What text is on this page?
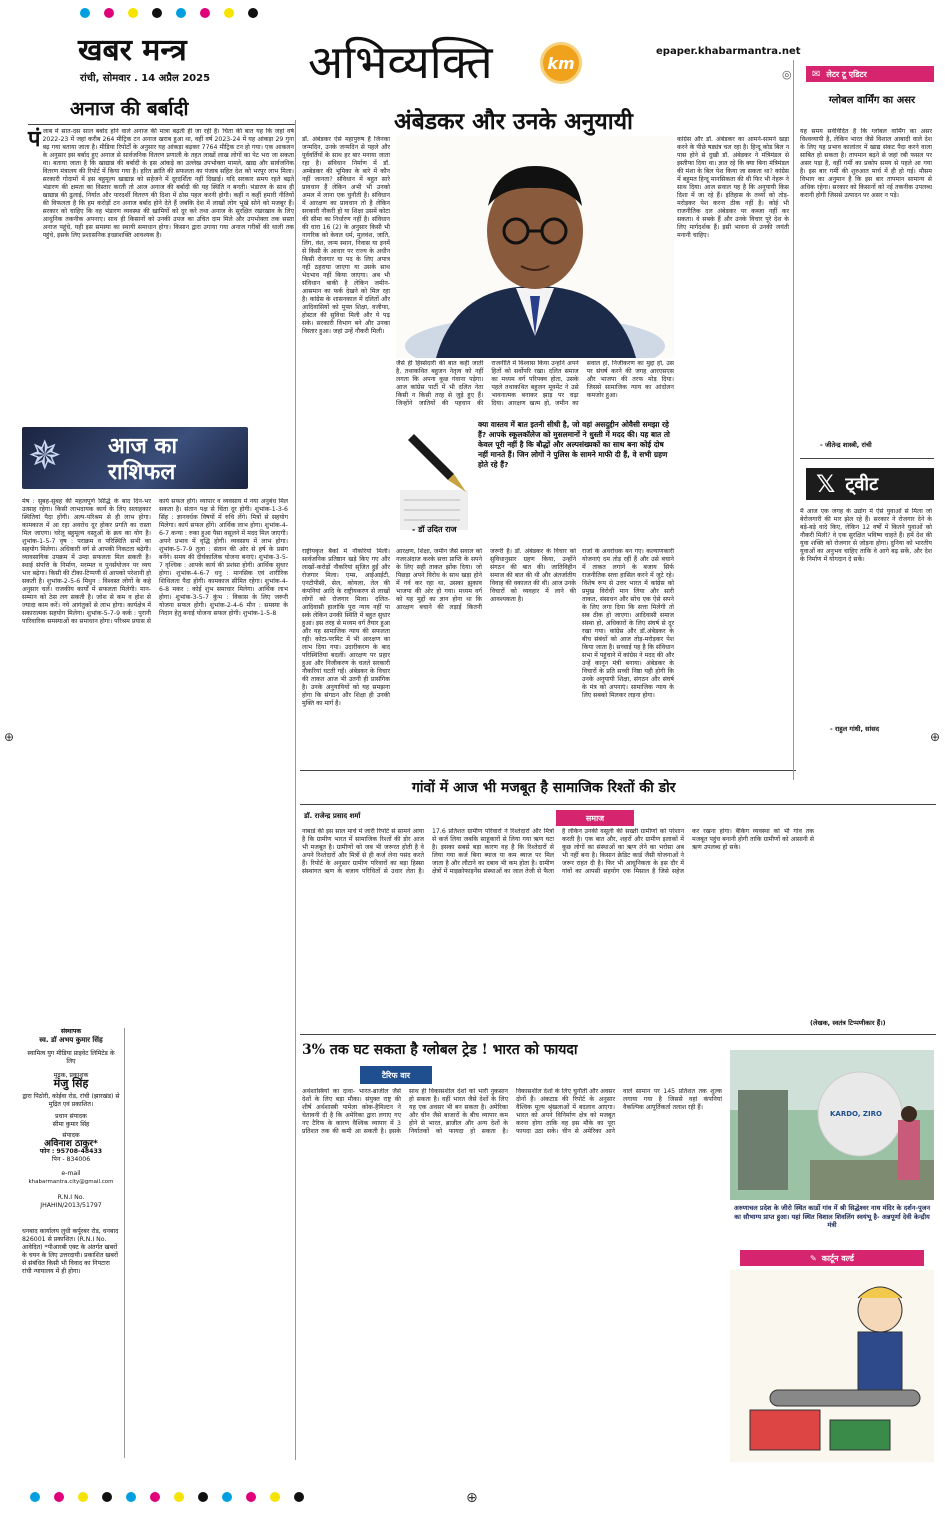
खबर मन्त्र
रांची, सोमवार . 14 अप्रैल 2025 अभिव्यक्ति	km
epaper.khabarmantra.net
◎
अनाज की बर्बादी
पं जाब में सात-दस साल बर्बाद होने वाले अनाज की मात्रा बढ़ती ही जा रही है। चिंता की बात यह कि जहां वर्ष 2022-23 में जहां करीब 264 मीट्रिक टन अनाज खराब हुआ था, वहीं वर्ष 2023-24 में यह आंकड़ा 29 गुना बढ़ गया बताया जाता है। मीडिया रिपोर्टों के अनुसार यह आंकड़ा बढ़कर 7764 मीट्रिक टन हो गया। एक आकलन के अनुसार इस बर्बाद हुए अनाज से सार्वजनिक वितरण प्रणाली के तहत लाखों लाख लोगों का पेट भरा जा सकता था। बताया जाता है कि खाद्यान्न की बर्बादी के इस आंकड़े का उल्लेख उपभोक्ता मामले, खाद्य और सार्वजनिक वितरण मंत्रालय की रिपोर्ट में किया गया है। हरित क्रांति की सफलता का पंजाब सहित देश को भरपूर लाभ मिला। सरकारी गोदामों में इस बहुमूल्य खाद्यान्न को सहेजने में दूरदर्शिता नहीं दिखाई। यदि सरकार समय रहते बढ़ते भंडारण की क्षमता का विस्तार करती तो आज अनाज की बर्बादी की यह स्थिति न बनती। भंडारण के साथ ही खाद्यान्न की ढुलाई, निर्यात और पारदर्शी वितरण की दिशा में ठोस पहल करनी होगी। कहीं न कहीं हमारी नीतियों की विफलता है कि हम करोड़ों टन अनाज बर्बाद होने देते हैं जबकि देश में लाखों लोग भूखे सोने को मजबूर हैं। सरकार को चाहिए कि वह भंडारण व्यवस्था की खामियों को दूर करे तथा अनाज के सुरक्षित रखरखाव के लिए आधुनिक तकनीक अपनाए। साथ ही किसानों को उनकी उपज का उचित दाम मिले और उपभोक्ता तक सस्ता अनाज पहुंचे, यही इस समस्या का स्थायी समाधान होगा। किसान द्वारा उगाया गया अनाज गरीबों की थाली तक पहुंचे, इसके लिए प्रशासनिक इच्छाशक्ति आवश्यक है।
✵ आज का राशिफल
मेष : सुबह-सुबह की महत्वपूर्ण सिद्धि के बाद दिन-भर उत्साह रहेगा। किसी लाभदायक कार्य के लिए सलाहकार स्थितियां पैदा होंगी। अल्प-परिश्रम से ही लाभ होगा। कामकाज में आ रहा अवरोध दूर होकर प्रगति का रास्ता मिल जाएगा। घरेलू बहुमूल्य वस्तुओं के क्रय का योग है। शुभांक-1-5-7 वृष : पराक्रम व परिस्थिति सभी का सहयोग मिलेगा। अधिकारी वर्ग से आपकी निकटता बढ़ेगी। व्यावसायिक उपक्रम में उम्दा सफलता मिल सकती है। स्थाई संपत्ति के निर्माण, मरम्मत व पुनर्संयोजन पर व्यय भार बढ़ेगा। किसी की टीका-टिप्पणी से आपको परेशानी हो सकती है। शुभांक-2-5-6 मिथुन : विश्वस्त लोगों के कहे अनुसार चलें। राजकीय कार्यों में सफलता मिलेगी। मान-सम्मान को ठेस लग सकती है। जोश से कम व होश से ज्यादा काम करें। नये आगंतुकों से लाभ होगा। कार्यक्षेत्र में सकारात्मक सहयोग मिलेगा। शुभांक-5-7-9 कर्क : पुरानी पारिवारिक समस्याओं का समाधान होगा। परिश्रम प्रयास से कार्य सफल होंगे। व्यापार व व्यवसाय में नया अनुबंध मिल सकता है। संतान पक्ष से चिंता दूर होगी। शुभांक-1-3-6 सिंह : ज्ञानवर्धक विषयों में रुचि लेंगे। मित्रों से सहयोग मिलेगा। कार्य सफल होंगे। आर्थिक लाभ होगा। शुभांक-4-6-7 कन्या : रुका हुआ पैसा वसूलने में मदद मिल जाएगी। अपने प्रभाव में वृद्धि होगी। व्यवसाय में लाभ होगा। शुभांक-5-7-9 तुला : संतान की ओर से हर्ष के प्रसंग बनेंगे। समय की दीर्घकालिक योजना बनाएं। शुभांक-3-5-7 वृश्चिक : आपके कार्य की प्रशंसा होगी। आर्थिक सुधार होगा। शुभांक-4-6-7 धनु : मानसिक एवं शारीरिक शिथिलता पैदा होगी। कामकाज सीमित रहेगा। शुभांक-4-6-8 मकर : कोई शुभ समाचार मिलेगा। आर्थिक लाभ होगा। शुभांक-3-5-7 कुंभ : विकास के लिए जरूरी योजना सफल होगी। शुभांक-2-4-6 मीन : समस्या के निदान हेतु बनाई योजना सफल होगी। शुभांक-1-5-8
संस्थापक
स्व. डॉ अभय कुमार सिंह
स्वामित्व युग मीडिया प्राइवेट लिमिटेड के लिए
मुद्रक, प्रकाशक
मंजु सिंह
द्वारा पिठोरी, कोईवा रोड, रांची (झारखंड) से मुद्रित एवं प्रकाशित।
प्रधान संपादक
सीमा कुमार सिंह
संपादक
अविनाश ठाकुर*
फोन : 95708-48433
पिन - 834006
e-mail
khabarmantra.city@gmail.com
R.N.I No.
JHAHIN/2013/51797
धनबाद कार्यालय लुधी कर्पूरबर रोड, धनबाद 826001 से प्रकाशित। (R.N.I No. आवेदित) *पीआरबी एक्ट के अंतर्गत खबरों के चयन के लिए उत्तरदायी। प्रकाशित खबरों से संबंधित किसी भी विवाद का निपटारा रांची न्यायालय में ही होगा।
अंबेडकर और उनके अनुयायी
डॉ. अंबेडकर ऐसे महापुरुष हैं जिनका जन्मदिन, उनके जन्मदिन से पहले और पूर्ववर्तियों के साथ हर बार मनाया जाता रहा है। संविधान निर्माण में डॉ. अम्बेडकर की भूमिका के बारे में कौन नहीं जानता? संविधान में बहुत सारे प्रावधान हैं लेकिन अभी भी उनको अमल में लाना एक चुनौती है। संविधान में आरक्षण का प्रावधान तो है लेकिन सरकारी नौकरी हो या शिक्षा उसमें कोटा की सीमा का निर्धारण नहीं है। संविधान की धारा 16 (2) के अनुसार किसी भी नागरिक को केवल धर्म, मूलवंश, जाति, लिंग, वंश, जन्म स्थान, निवास या इनमें से किसी के आधार पर राज्य के अधीन किसी रोजगार या पद के लिए अपात्र नहीं ठहराया जाएगा या उसके साथ भेदभाव नहीं किया जाएगा। अब भी संविधान बाकी है लेकिन जमीन-आसमान का फर्क देखने को मिल रहा है। कांग्रेस के शासनकाल में दलितों और आदिवासियों को मुफ्त शिक्षा, वजीफा, होस्टल की सुविधा मिली और ये पढ़ सके। सरकारी विभाग बने और उनका विस्तार हुआ। जहां उन्हें नौकरी मिली।
कांग्रेस और डॉ. अंबेडकर का आमने-सामने खड़ा करने के पीछे षड्यंत्र चल रहा है। हिन्दू कोड बिल न पास होने से दुखी डॉ. अंबेडकर ने मंत्रिमंडल से इस्तीफा दिया था। ज्ञात रहे कि क्या बिना मंत्रिमंडल की मंशा के बिल पेश किया जा सकता था? कांग्रेस में बहुमत हिन्दू मानसिकता की थी फिर भी नेहरू ने साथ दिया। आज सवाल यह है कि अनुयायी किस दिशा में जा रहे हैं। इतिहास के तथ्यों को तोड़-मरोड़कर पेश करना ठीक नहीं है। कोई भी राजनीतिक दल अंबेडकर पर कब्जा नहीं कर सकता। वे सबके हैं और उनके विचार पूरे देश के लिए मार्गदर्शक हैं। इसी भावना से उनकी जयंती मनानी चाहिए।
जैसे ही हिस्सेदारी की बात कही जाती है, तथाकथित बहुजन नेतृत्व को नहीं लगता कि अपना कुछ गंवाना पड़ेगा। आज कांग्रेस पार्टी में भी दलित नेता किसी न किसी तरह से जुड़े हुए हैं। जिन्होंने जातियों की पहचान की राजनीति में विश्वास किया उन्होंने अपने हितों को सर्वोपरि रखा। दलित समाज का मध्यम वर्ग परिपक्व होता, उसके पहले तथाकथित बहुजन मूवमेंट ने उसे भावनात्मक बनाकर झाड़ पर चढ़ा दिया। आरक्षण खत्म हो, जमीन का सवाल हो, निजीकरण का मुद्दा हो, उस पर संघर्ष करने की जगह आरएसएस और भाजपा की तरफ मोड़ दिया। जिससे सामाजिक न्याय का आंदोलन कमजोर हुआ।
- डॉ उदित राज
क्या वास्तव में बात इतनी सीधी है, जो वहां असदुद्दीन ओवैसी समझा रहे हैं? आपके स्कूलकॉलेज को मुसलमानों ने धुस्ती में मदद की। यह बात तो केवल पूरी नहीं है कि बौद्धों और अल्पसंख्यकों का साथ बना कोई दोष नहीं मानते हैं। जिन लोगों ने पुलिस के सामने माफी दी हैं, वे सभी ग्रहण होते रहे हैं?
राष्ट्रीयकृत बैंकों में नौकरियां मिलीं। सार्वजनिक प्रतिष्ठान खड़े किए गए और लाखों-करोड़ों नौकरियां सृजित हुईं और रोजगार मिला। एम्स, आईआईटी, एनटीपीसी, सेल, कोयला, तेल की कंपनियां आदि के राष्ट्रीयकरण से लाखों लोगों को रोजगार मिला। दलित-आदिवासी हालांकि पूरा न्याय नहीं पा सके लेकिन उनकी स्थिति में बहुत सुधार हुआ। इस तरह से मध्यम वर्ग तैयार हुआ और यह सामाजिक न्याय की सफलता रही। कोटा-परमिट में भी आरक्षण का लाभ दिया गया। उदारीकरण के बाद परिस्थितियां बदलीं। आरक्षण पर प्रहार हुआ और निजीकरण के चलते सरकारी नौकरियां घटती गईं। अंबेडकर के विचार की ताकत आज भी उतनी ही प्रासंगिक है। उनके अनुयायियों को यह समझना होगा कि संगठन और शिक्षा ही उनकी मुक्ति का मार्ग है।
आरक्षण, शिक्षा, जमीन जैसे सवाल को नजरअंदाज करके सत्ता प्राप्ति के सपने के लिए सही ताकत झोंक दिया। जो पिछड़ा अपने विरोध के साथ खड़ा होने में गर्व कर रहा था, उसका झुकाव भाजपा की ओर हो गया। मध्यम वर्ग को यह मुद्दों का ज्ञान होना था कि आरक्षण बचाने की लड़ाई कितनी जरूरी है। डॉ. अंबेडकर के विचार को सुविधानुसार ग्रहण किया, उन्होंने संगठन की बात की। जातिविहीन समाज की बात की थी और अंतर्जातीय विवाह की वकालत की थी। आज उनके विचारों को व्यवहार में लाने की आवश्यकता है।
राजों के अवरोधक बन गए। कल्याणकारी योजनाएं दम तोड़ रहीं हैं और उसे बचाने में ताकत लगाने के बजाय सिर्फ राजनीतिक सत्ता हासिल करने में जुटे रहे। विशेष रूप से उत्तर भारत में कांग्रेस को प्रमुख विरोधी मान लिया और सारी ताकत, संसाधन और सोच एक ऐसे सपने के लिए लगा दिया कि सत्ता मिलेगी तो सब ठीक हो जाएगा। आदिवासी समाज संस्था हो, अधिकारों के लिए संघर्ष से दूर रखा गया। कांग्रेस और डॉ.अंबेडकर के बीच संबंधों को आज तोड़-मरोड़कर पेश किया जाता है। सच्चाई यह है कि संविधान सभा में पहुंचाने में कांग्रेस ने मदद की और उन्हें कानून मंत्री बनाया। अंबेडकर के विचारों के प्रति सच्ची निष्ठा यही होगी कि उनके अनुयायी शिक्षा, संगठन और संघर्ष के मंत्र को अपनाएं। सामाजिक न्याय के लिए सबको मिलकर लड़ना होगा।
✉ लेटर टू एडिटर
ग्लोबल वार्मिंग का असर
यह समय सर्वविदित है कि ग्लोबल वार्मिंग का असर विश्वव्यापी है, लेकिन भारत जैसे विशाल आबादी वाले देश के लिए यह प्रभाव कालांतर में खाद्य संकट पैदा करने वाला साबित हो सकता है। तापमान बढ़ने से जहां रबी फसल पर असर पड़ा है, वहीं गर्मी का प्रकोप समय से पहले आ गया है। इस बार गर्मी की शुरुआत मार्च में ही हो गई। मौसम विभाग का अनुमान है कि इस बार तापमान सामान्य से अधिक रहेगा। सरकार को किसानों को नई तकनीक उपलब्ध करानी होगी जिससे उत्पादन पर असर न पड़े।
- जीतेन्द्र शास्त्री, रांची
𝕏 ट्वीट
मैं आज एक जगह के उद्योग में ऐसे युवाओं से मिला जो बेरोजगारी की मार झेल रहे हैं। सरकार ने रोजगार देने के बड़े-बड़े वादे किए, लेकिन 12 वर्षों में कितने युवाओं को नौकरी मिली? वे एक सुरक्षित भविष्य चाहते हैं। हमें देश की युवा शक्ति को रोजगार से जोड़ना होगा। दुनिया को भारतीय युवाओं का अनुभव चाहिए ताकि वे आगे बढ़ सकें, और देश के निर्माण में योगदान दे सकें।
- राहुल गांधी, सांसद
गांवों में आज भी मजबूत है सामाजिक रिश्तों की डोर
डॉ. राजेन्द्र प्रसाद शर्मा	समाज
नाबार्ड की इस साल मार्च में जारी रिपोर्ट से सामने आया है कि ग्रामीण भारत में सामाजिक रिश्तों की डोर आज भी मजबूत है। ग्रामीणों को जब भी जरूरत होती है वे अपने रिश्तेदारों और मित्रों से ही कर्ज लेना पसंद करते हैं। रिपोर्ट के अनुसार ग्रामीण परिवारों का बड़ा हिस्सा संस्थागत ऋण के बजाय परिचितों से उधार लेता है। 17.6 प्रतिशत ग्रामीण परिवारों ने रिश्तेदारों और मित्रों से कर्ज लिया जबकि साहूकारों से लिया गया ऋण घटा है। इसका सबसे बड़ा कारण यह है कि रिश्तेदारों से लिया गया कर्ज बिना ब्याज या कम ब्याज पर मिल जाता है और लौटाने का दबाव भी कम होता है। ग्रामीण क्षेत्रों में माइक्रोफाइनेंस संस्थाओं का जाल तेजी से फैला है लेकिन उनकी वसूली की सख्ती ग्रामीणों को परेशान करती है। एक बात और, शहरों और ग्रामीण इलाकों में कुछ लोगों का संस्थाओं का ऋण लेने का भरोसा अब भी नहीं बना है। किसान क्रेडिट कार्ड जैसी योजनाओं ने जरूर राहत दी है। फिर भी आधुनिकता के इस दौर में गांवों का आपसी सहयोग एक मिसाल है जिसे सहेज कर रखना होगा। बैंकिंग व्यवस्था को भी गांव तक मजबूत पहुंच बनानी होगी ताकि ग्रामीणों को आसानी से ऋण उपलब्ध हो सके।
(लेखक, स्वतंत्र टिप्पणीकार हैं।)
3% तक घट सकता है ग्लोबल ट्रेड ! भारत को फायदा
टैरिफ वार
अर्थशास्त्रियों का दावा- भारत-ब्राजील जैसे देशों के लिए बड़ा मौका। संयुक्त राष्ट्र की शीर्ष अर्थशास्त्री पामेला कोक-हैमिल्टन ने चेतावनी दी है कि अमेरिका द्वारा लगाए गए नए टैरिफ के कारण वैश्विक व्यापार में 3 प्रतिशत तक की कमी आ सकती है। इसके साथ ही विकासशील देशों को भारी नुकसान हो सकता है। वहीं भारत जैसे देशों के लिए यह एक अवसर भी बन सकता है। अमेरिका और चीन जैसे बाजारों के बीच व्यापार कम होने से भारत, ब्राजील और अन्य देशों के निर्यातकों को फायदा हो सकता है। विकासशील देशों के लिए चुनौती और अवसर दोनों हैं। अंकटाड की रिपोर्ट के अनुसार वैश्विक मूल्य श्रृंखलाओं में बदलाव आएगा। भारत को अपने विनिर्माण क्षेत्र को मजबूत करना होगा ताकि वह इस मौके का पूरा फायदा उठा सके। चीन से अमेरिका आने वाले सामान पर 145 प्रतिशत तक शुल्क लगाया गया है जिससे वहां कंपनियां वैकल्पिक आपूर्तिकर्ता तलाश रही हैं।
KARDO, ZIRO
अरुणाचल प्रदेश के जीरो स्थित कार्डो गांव में श्री सिद्धेश्वर नाथ मंदिर के दर्शन-पूजन का सौभाग्य प्राप्त हुआ। यहां स्थित विशाल शिवलिंग स्वयंभू है- अन्नपूर्णा देवी केन्द्रीय मंत्री
✎ कार्टून वर्ल्ड
⊕	⊕
⊕
